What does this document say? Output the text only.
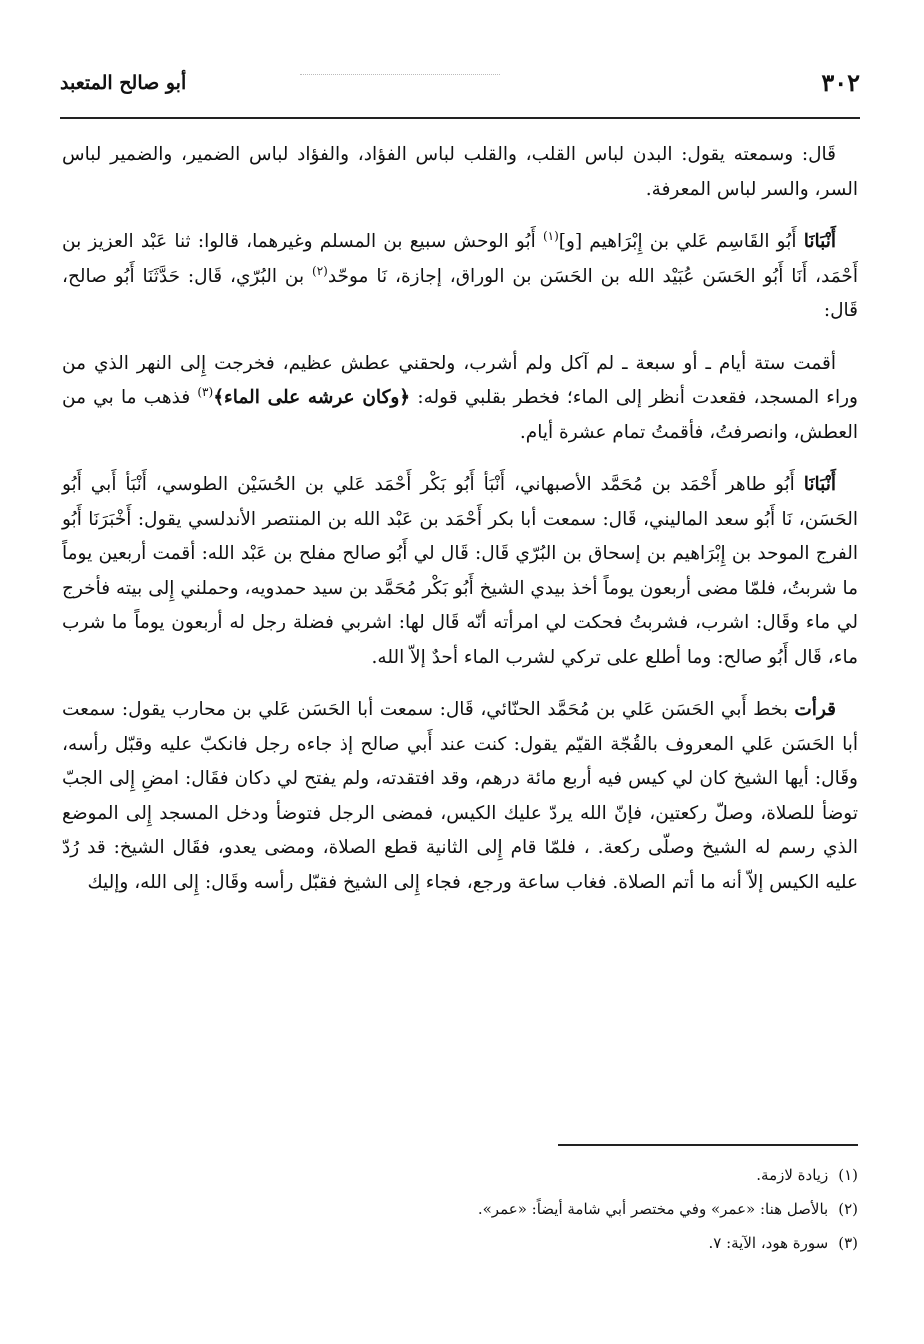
٣٠٢
أبو صالح المتعبد

قَال: وسمعته يقول: البدن لباس القلب، والقلب لباس الفؤاد، والفؤاد لباس الضمير، والضمير لباس السر، والسر لباس المعرفة.

أَنْبَانَا أَبُو القَاسِم عَلي بن إِبْرَاهيم [و]$^{(١)}$ أَبُو الوحش سبيع بن المسلم وغيرهما، قالوا: ثنا عَبْد العزيز بن أَحْمَد، أَنَا أَبُو الحَسَن عُبَيْد الله بن الحَسَن بن الوراق، إجازة، نَا موحّد$^{(٢)}$ بن البُرّي، قَال: حَدَّثَنَا أَبُو صالح، قَال:

أقمت ستة أيام ـ أو سبعة ـ لم آكل ولم أشرب، ولحقني عطش عظيم، فخرجت إِلى النهر الذي من وراء المسجد، فقعدت أنظر إلى الماء؛ فخطر بقلبي قوله: ﴿وكان عرشه على الماء﴾$^{(٣)}$ فذهب ما بي من العطش، وانصرفتُ، فأقمتُ تمام عشرة أيام.

أَنْبَانَا أَبُو طاهر أَحْمَد بن مُحَمَّد الأصبهاني، أَنْبَأ أَبُو بَكْر أَحْمَد عَلي بن الحُسَيْن الطوسي، أَنْبَأ أَبي أَبُو الحَسَن، نَا أَبُو سعد الماليني، قَال: سمعت أبا بكر أَحْمَد بن عَبْد الله بن المنتصر الأندلسي يقول: أَخْبَرَنَا أَبُو الفرج الموحد بن إِبْرَاهيم بن إسحاق بن البُرّي قَال: قَال لي أَبُو صالح مفلح بن عَبْد الله: أقمت أربعين يوماً ما شربتُ، فلمّا مضى أربعون يوماً أخذ بيدي الشيخ أَبُو بَكْر مُحَمَّد بن سيد حمدويه، وحملني إِلى بيته فأخرج لي ماء وقَال: اشرب، فشربتُ فحكت لي امرأته أنّه قَال لها: اشربي فضلة رجل له أربعون يوماً ما شرب ماء، قَال أَبُو صالح: وما أطلع على تركي لشرب الماء أحدٌ إلاّ الله.

قرأت بخط أَبي الحَسَن عَلي بن مُحَمَّد الحنّائي، قَال: سمعت أبا الحَسَن عَلي بن محارب يقول: سمعت أبا الحَسَن عَلي المعروف بالقُجّة القيّم يقول: كنت عند أَبي صالح إذ جاءه رجل فانكبّ عليه وقبّل رأسه، وقَال: أيها الشيخ كان لي كيس فيه أربع مائة درهم، وقد افتقدته، ولم يفتح لي دكان فقَال: امضِ إِلى الجبّ توضأ للصلاة، وصلّ ركعتين، فإنّ الله يردّ عليك الكيس، فمضى الرجل فتوضأ ودخل المسجد إِلى الموضع الذي رسم له الشيخ وصلّى ركعة. ، فلمّا قام إِلى الثانية قطع الصلاة، ومضى يعدو، فقَال الشيخ: قد رُدّ عليه الكيس إلاّ أنه ما أتم الصلاة. فغاب ساعة ورجع، فجاء إِلى الشيخ فقبّل رأسه وقَال: إِلى الله، وإليك

(١)زيادة لازمة.

(٢)بالأصل هنا: «عمر» وفي مختصر أبي شامة أيضاً: «عمر».

(٣)سورة هود، الآية: ٧.
